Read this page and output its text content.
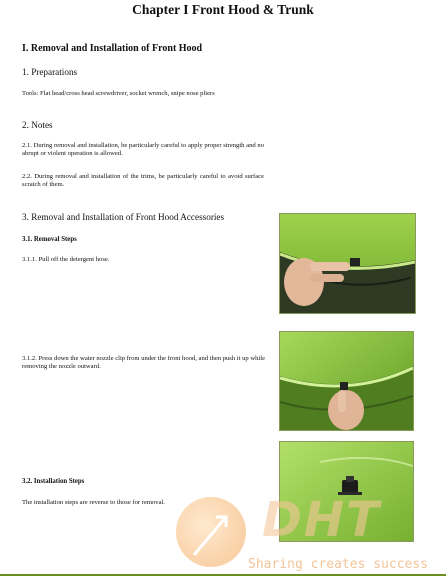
Chapter I Front Hood & Trunk
I. Removal and Installation of Front Hood
1. Preparations
Tools: Flat head/cross head screwdriver, socket wrench, snipe nose pliers
2. Notes
2.1. During removal and installation, be particularly careful to apply proper strength and no abrupt or violent operation is allowed.
2.2. During removal and installation of the trims, be particularly careful to avoid surface scratch of them.
3. Removal and Installation of Front Hood Accessories
3.1. Removal Steps
3.1.1. Pull off the detergent hose.
3.1.2. Press down the water nozzle clip from under the front hood, and then push it up while removing the nozzle outward.
3.2. Installation Steps
The installation steps are reverse to those for removal.	DHT
Sharing creates success
